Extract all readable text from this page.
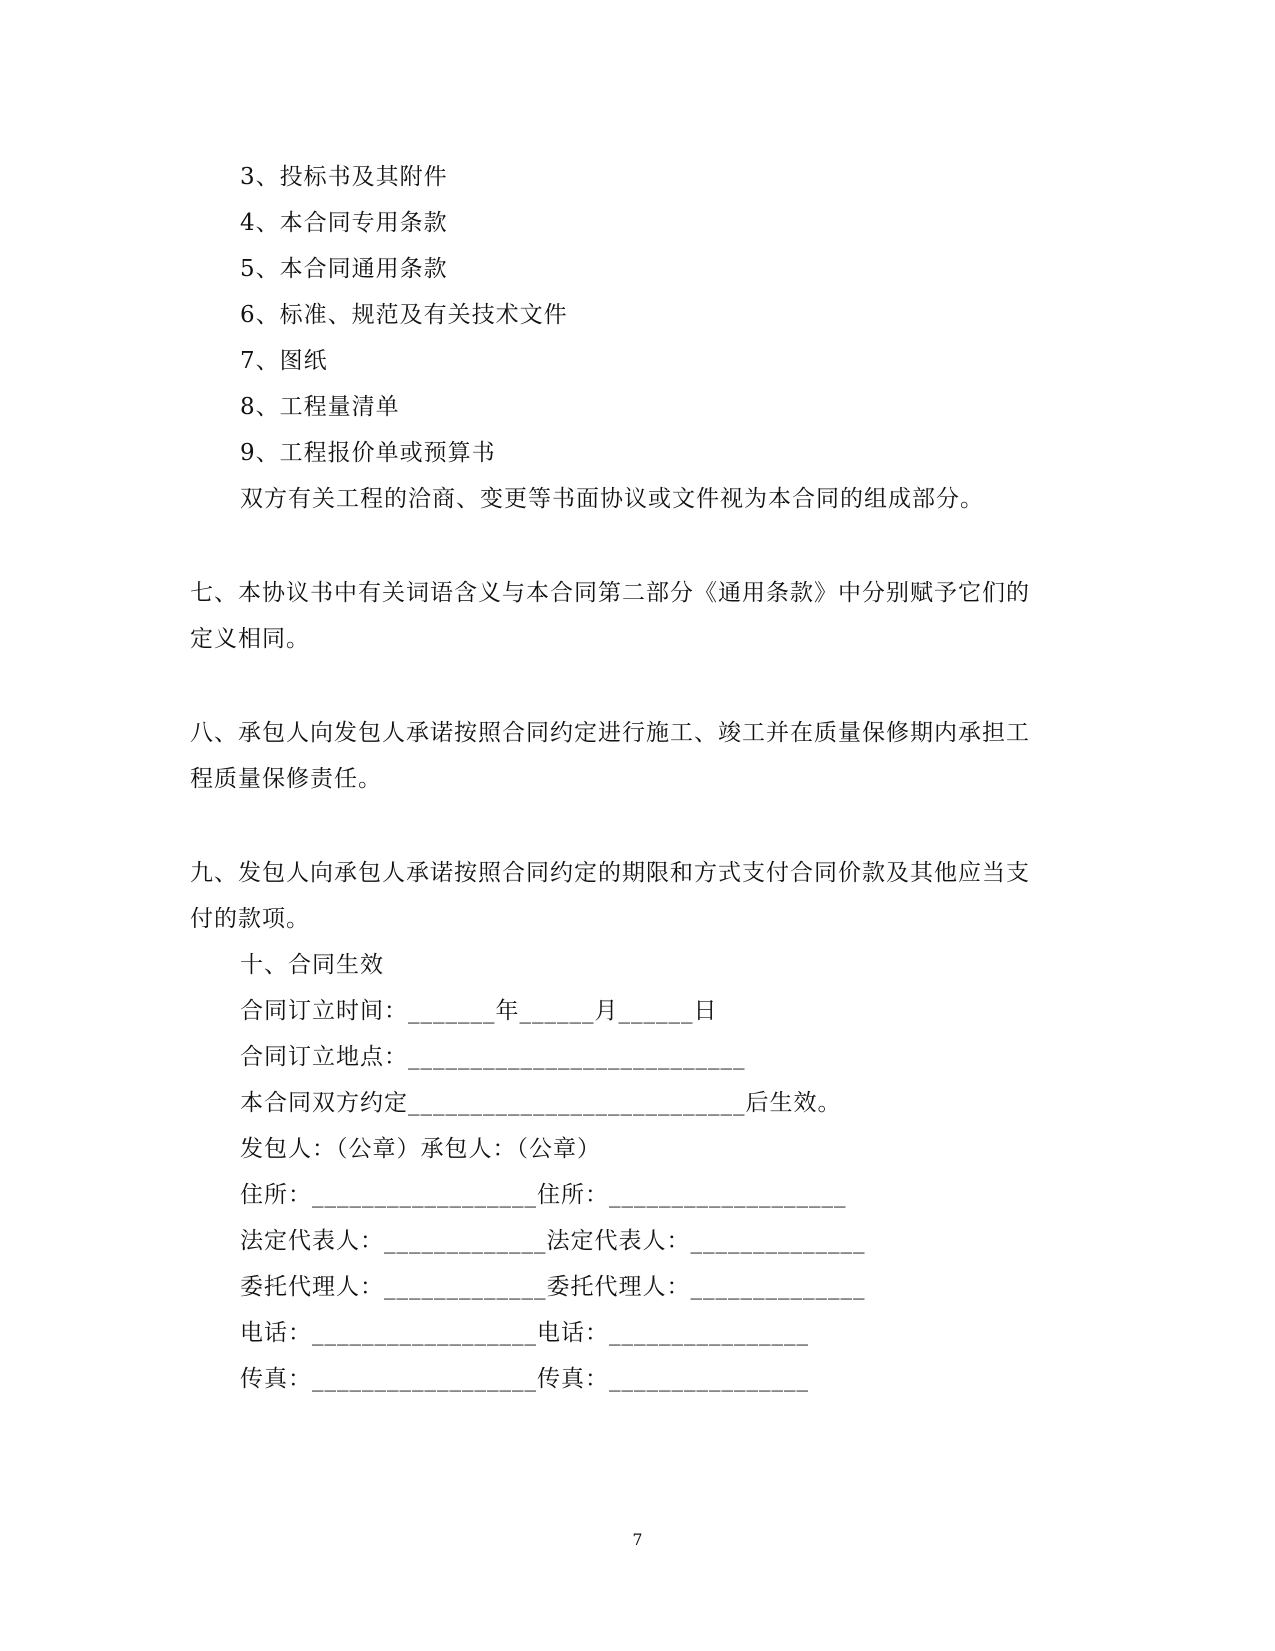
3、投标书及其附件
4、本合同专用条款
5、本合同通用条款
6、标准、规范及有关技术文件
7、图纸
8、工程量清单
9、工程报价单或预算书
双方有关工程的洽商、变更等书面协议或文件视为本合同的组成部分。
七、本协议书中有关词语含义与本合同第二部分《通用条款》中分别赋予它们的
定义相同。
八、承包人向发包人承诺按照合同约定进行施工、竣工并在质量保修期内承担工
程质量保修责任。
九、发包人向承包人承诺按照合同约定的期限和方式支付合同价款及其他应当支
付的款项。
十、合同生效
合同订立时间：_______年______月______日
合同订立地点：___________________________
本合同双方约定___________________________后生效。
发包人：（公章）承包人：（公章）
住所：__________________住所：___________________
法定代表人：_____________法定代表人：______________
委托代理人：_____________委托代理人：______________
电话：__________________电话：________________
传真：__________________传真：________________
7
